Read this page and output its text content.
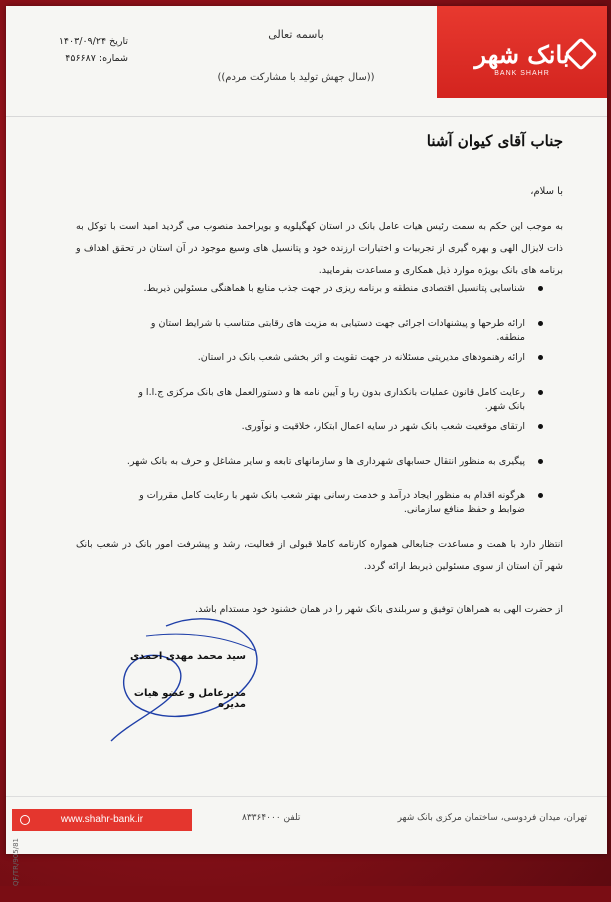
بانک شهر
BANK SHAHR
باسمه تعالی
((سال جهش تولید با مشارکت مردم))
تاریخ ۱۴۰۳/۰۹/۲۴
شماره: ۴۵۶۶۸۷
جناب آقای کیوان آشنا
با سلام،
به موجب این حکم به سمت رئیس هیات عامل بانک در استان کهگیلویه و بویراحمد منصوب می گردید امید است با توکل به ذات لایزال الهی و بهره گیری از تجربیات و اختیارات ارزنده خود و پتانسیل های وسیع موجود در آن استان در تحقق اهداف و برنامه های بانک بویژه موارد ذیل همکاری و مساعدت بفرمایید.
شناسایی پتانسیل اقتصادی منطقه و برنامه ریزی در جهت جذب منابع با هماهنگی مسئولین ذیربط.
ارائه طرحها و پیشنهادات اجرائی جهت دستیابی به مزیت های رقابتی متناسب با شرایط استان و منطقه.
ارائه رهنمودهای مدیریتی مسئلانه در جهت تقویت و اثر بخشی شعب بانک در استان.
رعایت کامل قانون عملیات بانکداری بدون ربا و آیین نامه ها و دستورالعمل های بانک مرکزی ج.ا.ا و بانک شهر.
ارتقای موقعیت شعب بانک شهر در سایه اعمال ابتکار، خلاقیت و نوآوری.
پیگیری به منظور انتقال حسابهای شهرداری ها و سازمانهای تابعه و سایر مشاغل و حرف به بانک شهر.
هرگونه اقدام به منظور ایجاد درآمد و خدمت رسانی بهتر شعب بانک شهر با رعایت کامل مقررات و ضوابط و حفظ منافع سازمانی.
انتظار دارد با همت و مساعدت جنابعالی همواره کارنامه کاملا قبولی از فعالیت، رشد و پیشرفت امور بانک در شعب بانک شهر آن استان از سوی مسئولین ذیربط ارائه گردد.
از حضرت الهی به همراهان توفیق و سربلندی بانک شهر را در همان خشنود خود مستدام باشد.
سید محمد مهدی احمدی
مدیرعامل و عضو هیات مدیره
QF/TR/905/81
www.shahr-bank.ir	تلفن ۸۳۳۶۴۰۰۰	تهران، میدان فردوسی، ساختمان مرکزی بانک شهر
